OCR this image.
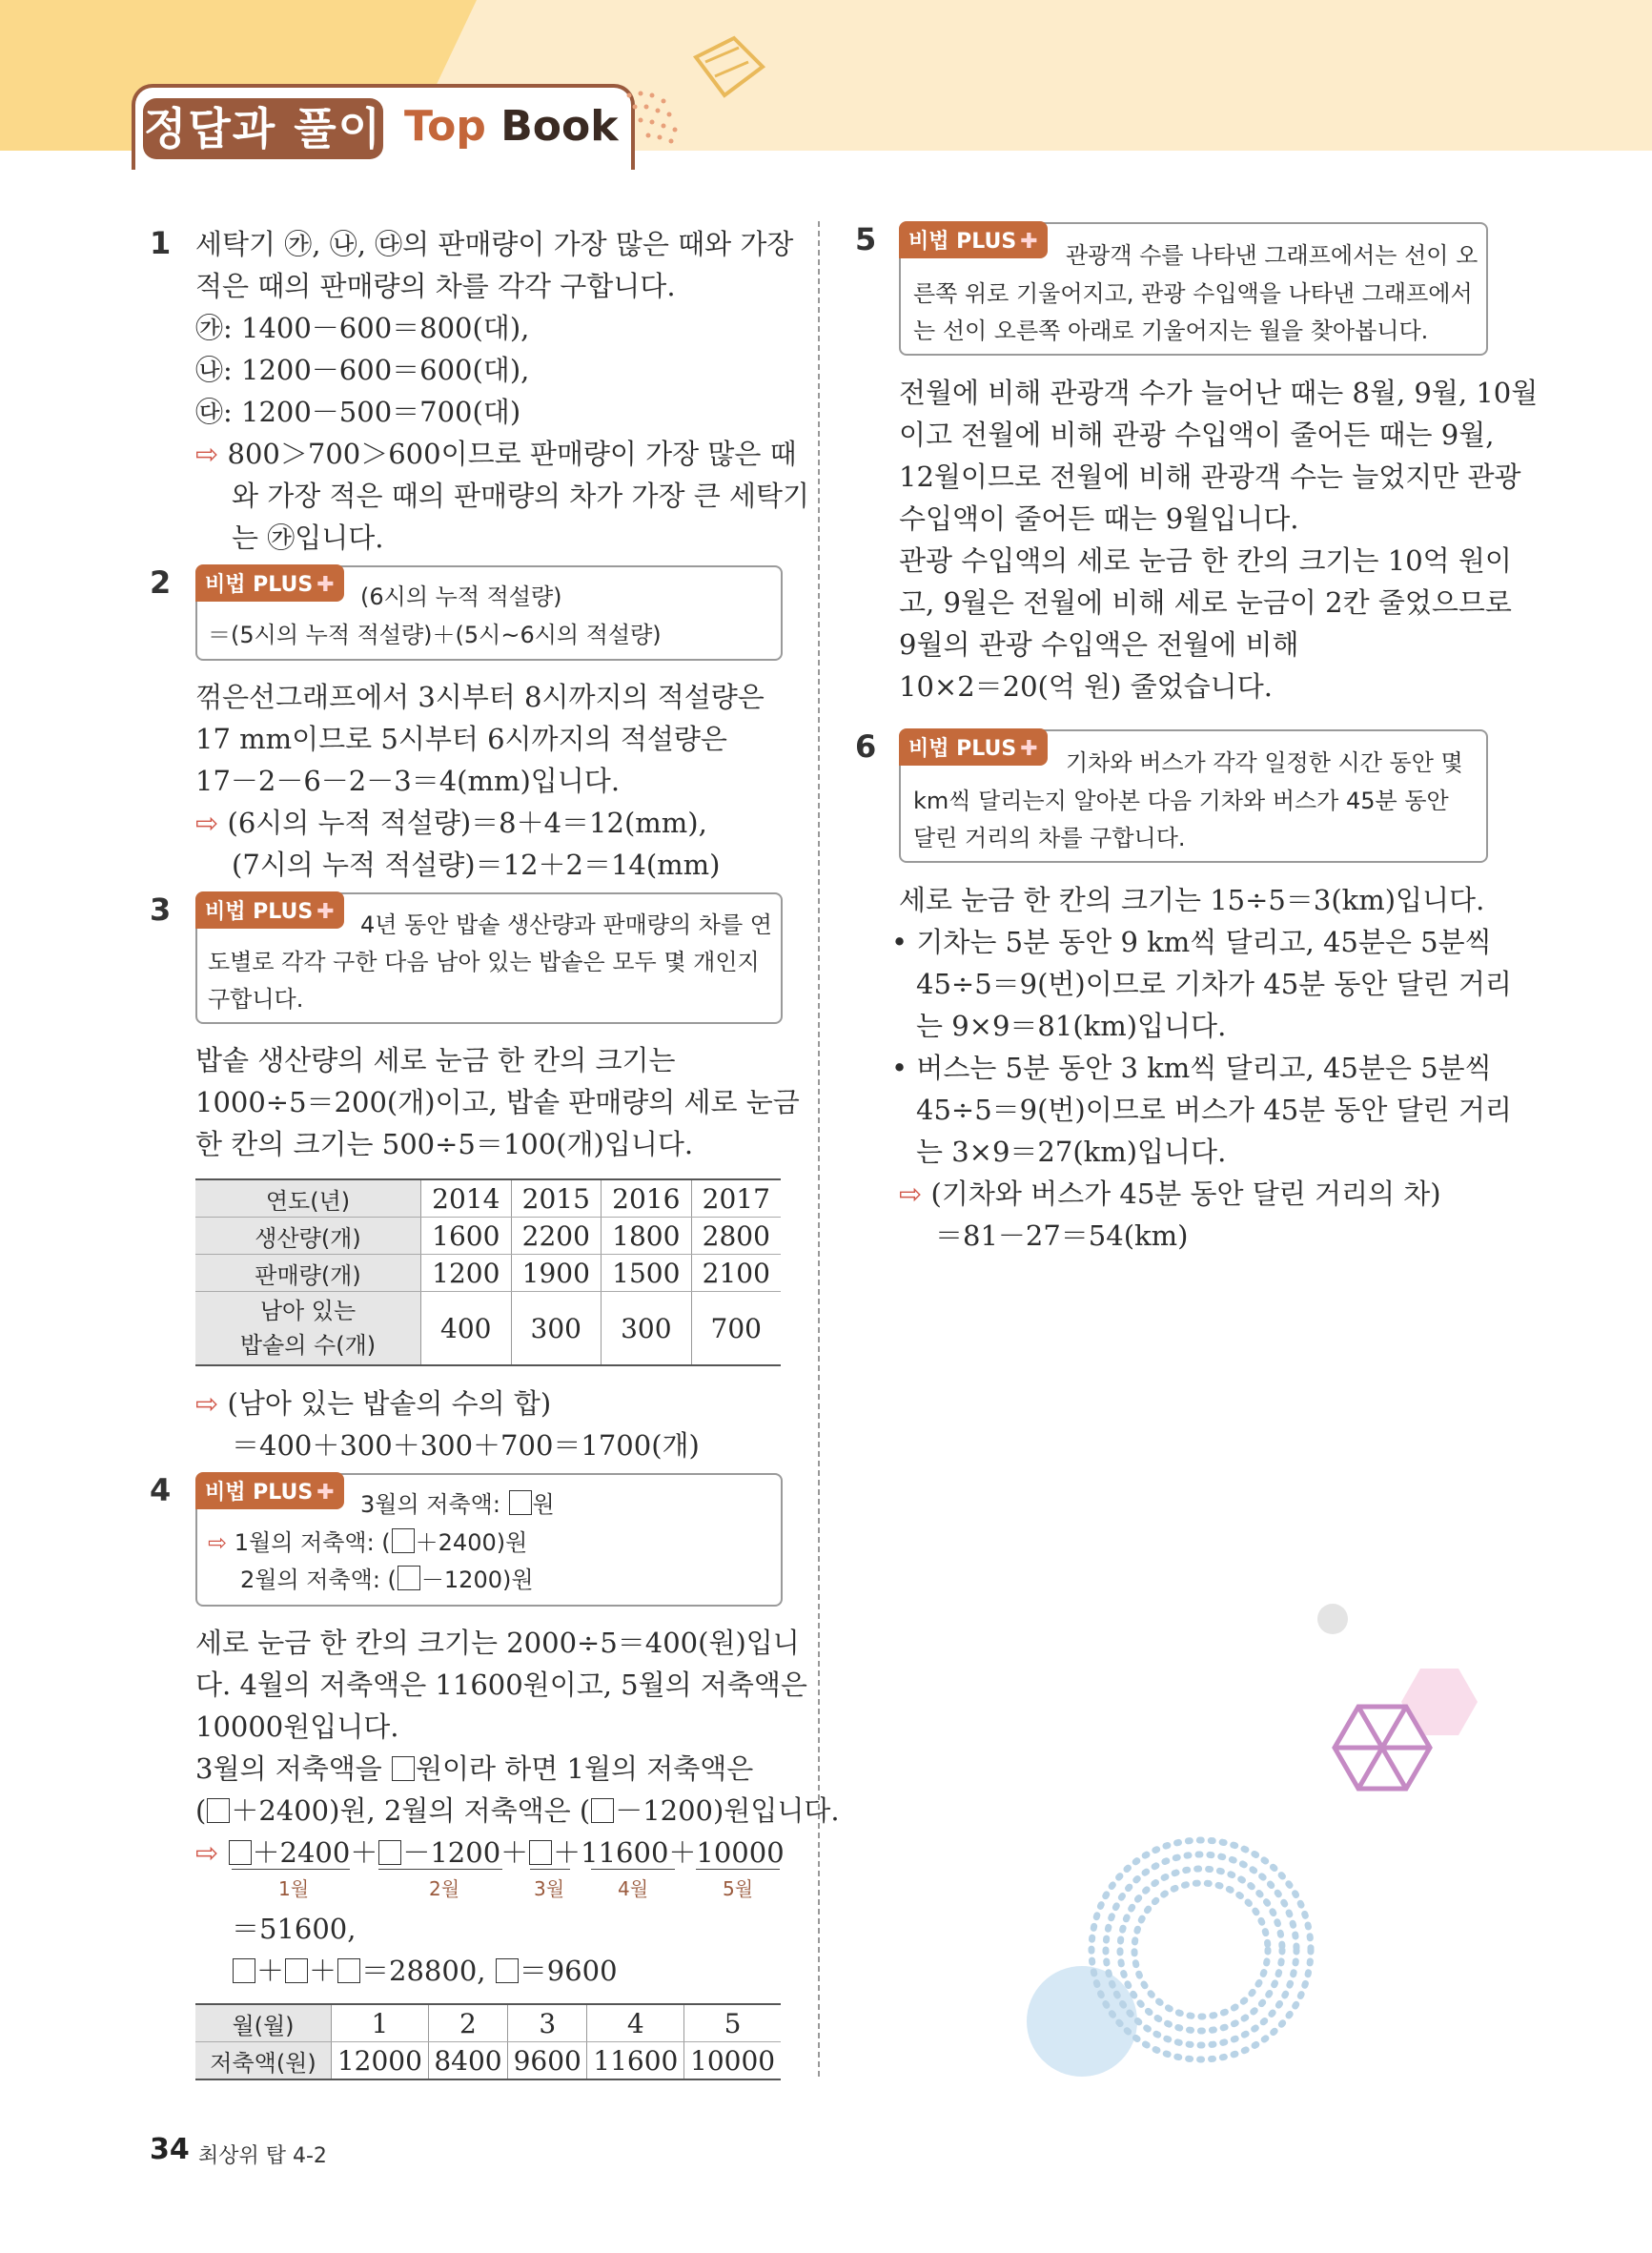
정답과 풀이 Top Book
1 세탁기 ㉮, ㉯, ㉰의 판매량이 가장 많은 때와 가장
적은 때의 판매량의 차를 각각 구합니다.
㉮: 1400－600＝800(대),
㉯: 1200－600＝600(대),
㉰: 1200－500＝700(대)
⇨ 800＞700＞600이므로 판매량이 가장 많은 때
와 가장 적은 때의 판매량의 차가 가장 큰 세탁기
는 ㉮입니다.
2	비법 PLUS ✚	(6시의 누적 적설량)
＝(5시의 누적 적설량)＋(5시~6시의 적설량)
꺾은선그래프에서 3시부터 8시까지의 적설량은
17 mm이므로 5시부터 6시까지의 적설량은
17－2－6－2－3＝4(mm)입니다.
⇨ (6시의 누적 적설량)＝8＋4＝12(mm),
(7시의 누적 적설량)＝12＋2＝14(mm)
3	비법 PLUS ✚	4년 동안 밥솥 생산량과 판매량의 차를 연
도별로 각각 구한 다음 남아 있는 밥솥은 모두 몇 개인지
구합니다.
밥솥 생산량의 세로 눈금 한 칸의 크기는
1000÷5＝200(개)이고, 밥솥 판매량의 세로 눈금
한 칸의 크기는 500÷5＝100(개)입니다.
연도(년)	2014	2015	2016	2017
생산량(개)	1600	2200	1800	2800
판매량(개)	1200	1900	1500	2100
남아 있는
밥솥의 수(개)	400	300	300	700
⇨ (남아 있는 밥솥의 수의 합)
＝400＋300＋300＋700＝1700(개)
4	비법 PLUS ✚	3월의 저축액: 원
⇨ 1월의 저축액: ( ＋2400)원
2월의 저축액: ( －1200)원
세로 눈금 한 칸의 크기는 2000÷5＝400(원)입니
다. 4월의 저축액은 11600원이고, 5월의 저축액은
10000원입니다.
3월의 저축액을 원이라 하면 1월의 저축액은
( ＋2400)원, 2월의 저축액은 ( －1200)원입니다.
⇨ ＋2400＋ －1200＋ ＋11600＋10000
1월	2월	3월	4월	5월
＝51600,
＋ ＋ ＝28800, ＝9600
월(월)	1	2	3	4	5
저축액(원)	12000	8400	9600	11600	10000
5	비법 PLUS ✚
관광객 수를 나타낸 그래프에서는 선이 오
른쪽 위로 기울어지고, 관광 수입액을 나타낸 그래프에서
는 선이 오른쪽 아래로 기울어지는 월을 찾아봅니다.
전월에 비해 관광객 수가 늘어난 때는 8월, 9월, 10월
이고 전월에 비해 관광 수입액이 줄어든 때는 9월,
12월이므로 전월에 비해 관광객 수는 늘었지만 관광
수입액이 줄어든 때는 9월입니다.
관광 수입액의 세로 눈금 한 칸의 크기는 10억 원이
고, 9월은 전월에 비해 세로 눈금이 2칸 줄었으므로
9월의 관광 수입액은 전월에 비해
10×2＝20(억 원) 줄었습니다.
6	비법 PLUS ✚
기차와 버스가 각각 일정한 시간 동안 몇
km씩 달리는지 알아본 다음 기차와 버스가 45분 동안
달린 거리의 차를 구합니다.
세로 눈금 한 칸의 크기는 15÷5＝3(km)입니다.
• 기차는 5분 동안 9 km씩 달리고, 45분은 5분씩
45÷5＝9(번)이므로 기차가 45분 동안 달린 거리
는 9×9＝81(km)입니다.
• 버스는 5분 동안 3 km씩 달리고, 45분은 5분씩
45÷5＝9(번)이므로 버스가 45분 동안 달린 거리
는 3×9＝27(km)입니다.
⇨ (기차와 버스가 45분 동안 달린 거리의 차)
＝81－27＝54(km)
34 최상위 탑 4-2
